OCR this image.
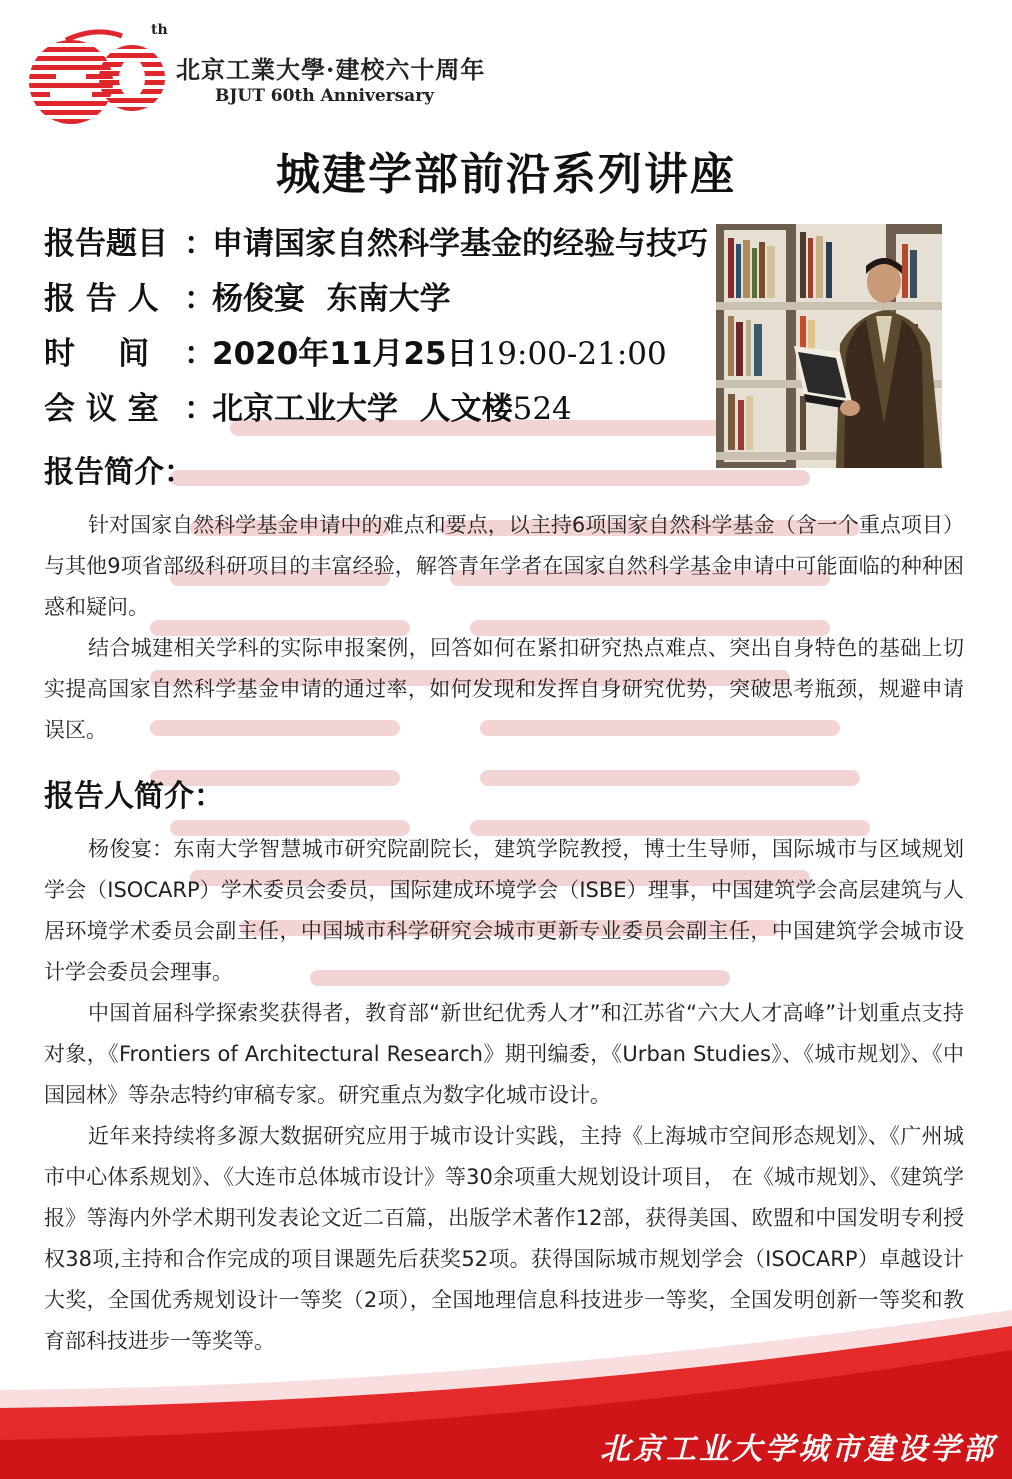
th
北京工業大學·建校六十周年
BJUT 60th Anniversary
城建学部前沿系列讲座
报告题目 ：申请国家自然科学基金的经验与技巧
报 告 人 ：杨俊宴  东南大学
时    间 ：2020年11月25日19:00-21:00
会 议 室 ：北京工业大学  人文楼524
报告简介：

针对国家自然科学基金申请中的难点和要点，以主持6项国家自然科学基金（含一个重点项目）与其他9项省部级科研项目的丰富经验，解答青年学者在国家自然科学基金申请中可能面临的种种困惑和疑问。

结合城建相关学科的实际申报案例，回答如何在紧扣研究热点难点、突出自身特色的基础上切实提高国家自然科学基金申请的通过率，如何发现和发挥自身研究优势，突破思考瓶颈，规避申请误区。

报告人简介：

杨俊宴：东南大学智慧城市研究院副院长，建筑学院教授，博士生导师，国际城市与区域规划学会（ISOCARP）学术委员会委员，国际建成环境学会（ISBE）理事，中国建筑学会高层建筑与人居环境学术委员会副主任，中国城市科学研究会城市更新专业委员会副主任，中国建筑学会城市设计学会委员会理事。

中国首届科学探索奖获得者，教育部“新世纪优秀人才”和江苏省“六大人才高峰”计划重点支持对象，《Frontiers of Architectural Research》期刊编委，《Urban Studies》、《城市规划》、《中国园林》等杂志特约审稿专家。研究重点为数字化城市设计。

近年来持续将多源大数据研究应用于城市设计实践，主持《上海城市空间形态规划》、《广州城市中心体系规划》、《大连市总体城市设计》等30余项重大规划设计项目， 在《城市规划》、《建筑学报》等海内外学术期刊发表论文近二百篇，出版学术著作12部，获得美国、欧盟和中国发明专利授权38项,主持和合作完成的项目课题先后获奖52项。获得国际城市规划学会（ISOCARP）卓越设计大奖，全国优秀规划设计一等奖（2项），全国地理信息科技进步一等奖，全国发明创新一等奖和教育部科技进步一等奖等。

北京工业大学城市建设学部
